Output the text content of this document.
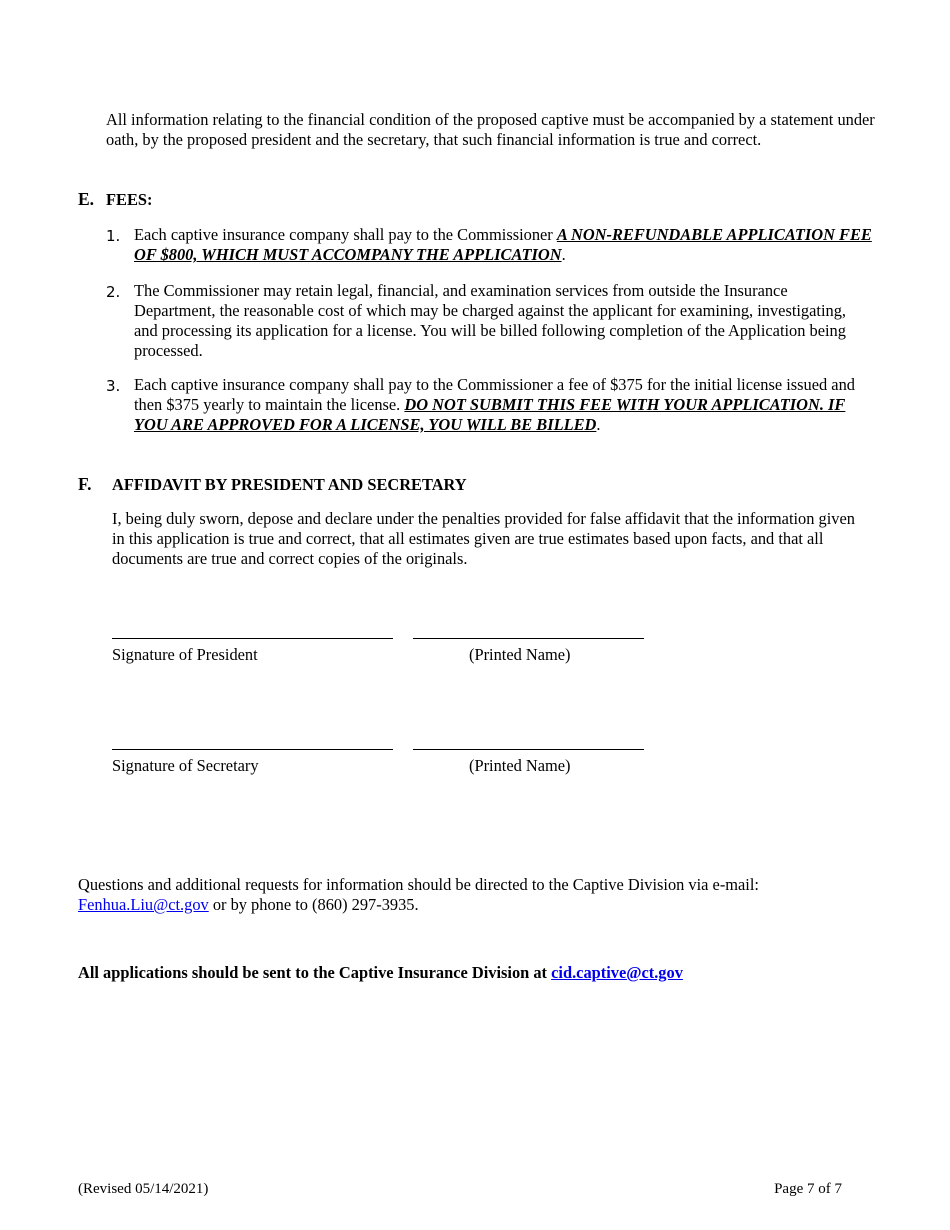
All information relating to the financial condition of the proposed captive must be accompanied by a statement under oath, by the proposed president and the secretary, that such financial information is true and correct.

E. FEES:
1. Each captive insurance company shall pay to the Commissioner A NON-REFUNDABLE APPLICATION FEE OF $800, WHICH MUST ACCOMPANY THE APPLICATION.

2. The Commissioner may retain legal, financial, and examination services from outside the Insurance Department, the reasonable cost of which may be charged against the applicant for examining, investigating, and processing its application for a license. You will be billed following completion of the Application being processed.

3. Each captive insurance company shall pay to the Commissioner a fee of $375 for the initial license issued and then $375 yearly to maintain the license. DO NOT SUBMIT THIS FEE WITH YOUR APPLICATION. IF YOU ARE APPROVED FOR A LICENSE, YOU WILL BE BILLED.

F. AFFIDAVIT BY PRESIDENT AND SECRETARY

I, being duly sworn, depose and declare under the penalties provided for false affidavit that the information given in this application is true and correct, that all estimates given are true estimates based upon facts, and that all documents are true and correct copies of the originals.

Signature of President	(Printed Name)
Signature of Secretary	(Printed Name)

Questions and additional requests for information should be directed to the Captive Division via e-mail: Fenhua.Liu@ct.gov or by phone to (860) 297-3935.

All applications should be sent to the Captive Insurance Division at cid.captive@ct.gov

(Revised 05/14/2021)	Page 7 of 7
